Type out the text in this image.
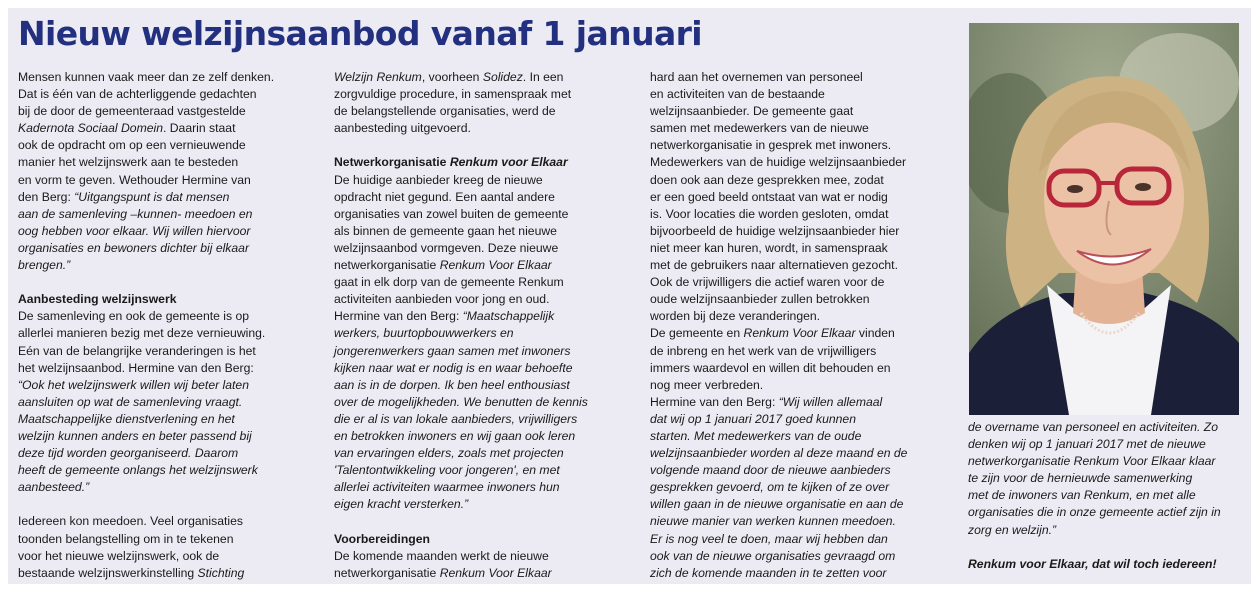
Nieuw welzijnsaanbod vanaf 1 januari

Mensen kunnen vaak meer dan ze zelf denken.

Dat is één van de achterliggende gedachten

bij de door de gemeenteraad vastgestelde

Kadernota Sociaal Domein. Daarin staat

ook de opdracht om op een vernieuwende

manier het welzijnswerk aan te besteden

en vorm te geven. Wethouder Hermine van

den Berg: “Uitgangspunt is dat mensen

aan de samenleving –kunnen- meedoen en

oog hebben voor elkaar. Wij willen hiervoor

organisaties en bewoners dichter bij elkaar

brengen.”

Aanbesteding welzijnswerk

De samenleving en ook de gemeente is op

allerlei manieren bezig met deze vernieuwing.

Eén van de belangrijke veranderingen is het

het welzijnsaanbod. Hermine van den Berg:

“Ook het welzijnswerk willen wij beter laten

aansluiten op wat de samenleving vraagt.

Maatschappelijke dienstverlening en het

welzijn kunnen anders en beter passend bij

deze tijd worden georganiseerd. Daarom

heeft de gemeente onlangs het welzijnswerk

aanbesteed.”

Iedereen kon meedoen. Veel organisaties

toonden belangstelling om in te tekenen

voor het nieuwe welzijnswerk, ook de

bestaande welzijnswerkinstelling Stichting

Welzijn Renkum, voorheen Solidez. In een

zorgvuldige procedure, in samenspraak met

de belangstellende organisaties, werd de

aanbesteding uitgevoerd.

Netwerkorganisatie Renkum voor Elkaar

De huidige aanbieder kreeg de nieuwe

opdracht niet gegund. Een aantal andere

organisaties van zowel buiten de gemeente

als binnen de gemeente gaan het nieuwe

welzijnsaanbod vormgeven. Deze nieuwe

netwerkorganisatie Renkum Voor Elkaar

gaat in elk dorp van de gemeente Renkum

activiteiten aanbieden voor jong en oud.

Hermine van den Berg: “Maatschappelijk

werkers, buurtopbouwwerkers en

jongerenwerkers gaan samen met inwoners

kijken naar wat er nodig is en waar behoefte

aan is in de dorpen. Ik ben heel enthousiast

over de mogelijkheden. We benutten de kennis

die er al is van lokale aanbieders, vrijwilligers

en betrokken inwoners en wij gaan ook leren

van ervaringen elders, zoals met projecten

'Talentontwikkeling voor jongeren', en met

allerlei activiteiten waarmee inwoners hun

eigen kracht versterken.”

Voorbereidingen

De komende maanden werkt de nieuwe

netwerkorganisatie Renkum Voor Elkaar

hard aan het overnemen van personeel

en activiteiten van de bestaande

welzijnsaanbieder. De gemeente gaat

samen met medewerkers van de nieuwe

netwerkorganisatie in gesprek met inwoners.

Medewerkers van de huidige welzijnsaanbieder

doen ook aan deze gesprekken mee, zodat

er een goed beeld ontstaat van wat er nodig

is. Voor locaties die worden gesloten, omdat

bijvoorbeeld de huidige welzijnsaanbieder hier

niet meer kan huren, wordt, in samenspraak

met de gebruikers naar alternatieven gezocht.

Ook de vrijwilligers die actief waren voor de

oude welzijnsaanbieder zullen betrokken

worden bij deze veranderingen.

De gemeente en Renkum Voor Elkaar vinden

de inbreng en het werk van de vrijwilligers

immers waardevol en willen dit behouden en

nog meer verbreden.

Hermine van den Berg: “Wij willen allemaal

dat wij op 1 januari 2017 goed kunnen

starten. Met medewerkers van de oude

welzijnsaanbieder worden al deze maand en de

volgende maand door de nieuwe aanbieders

gesprekken gevoerd, om te kijken of ze over

willen gaan in de nieuwe organisatie en aan de

nieuwe manier van werken kunnen meedoen.

Er is nog veel te doen, maar wij hebben dan

ook van de nieuwe organisaties gevraagd om

zich de komende maanden in te zetten voor

de overname van personeel en activiteiten. Zo

denken wij op 1 januari 2017 met de nieuwe

netwerkorganisatie Renkum Voor Elkaar klaar

te zijn voor de hernieuwde samenwerking

met de inwoners van Renkum, en met alle

organisaties die in onze gemeente actief zijn in

zorg en welzijn.”

Renkum voor Elkaar, dat wil toch iedereen!
